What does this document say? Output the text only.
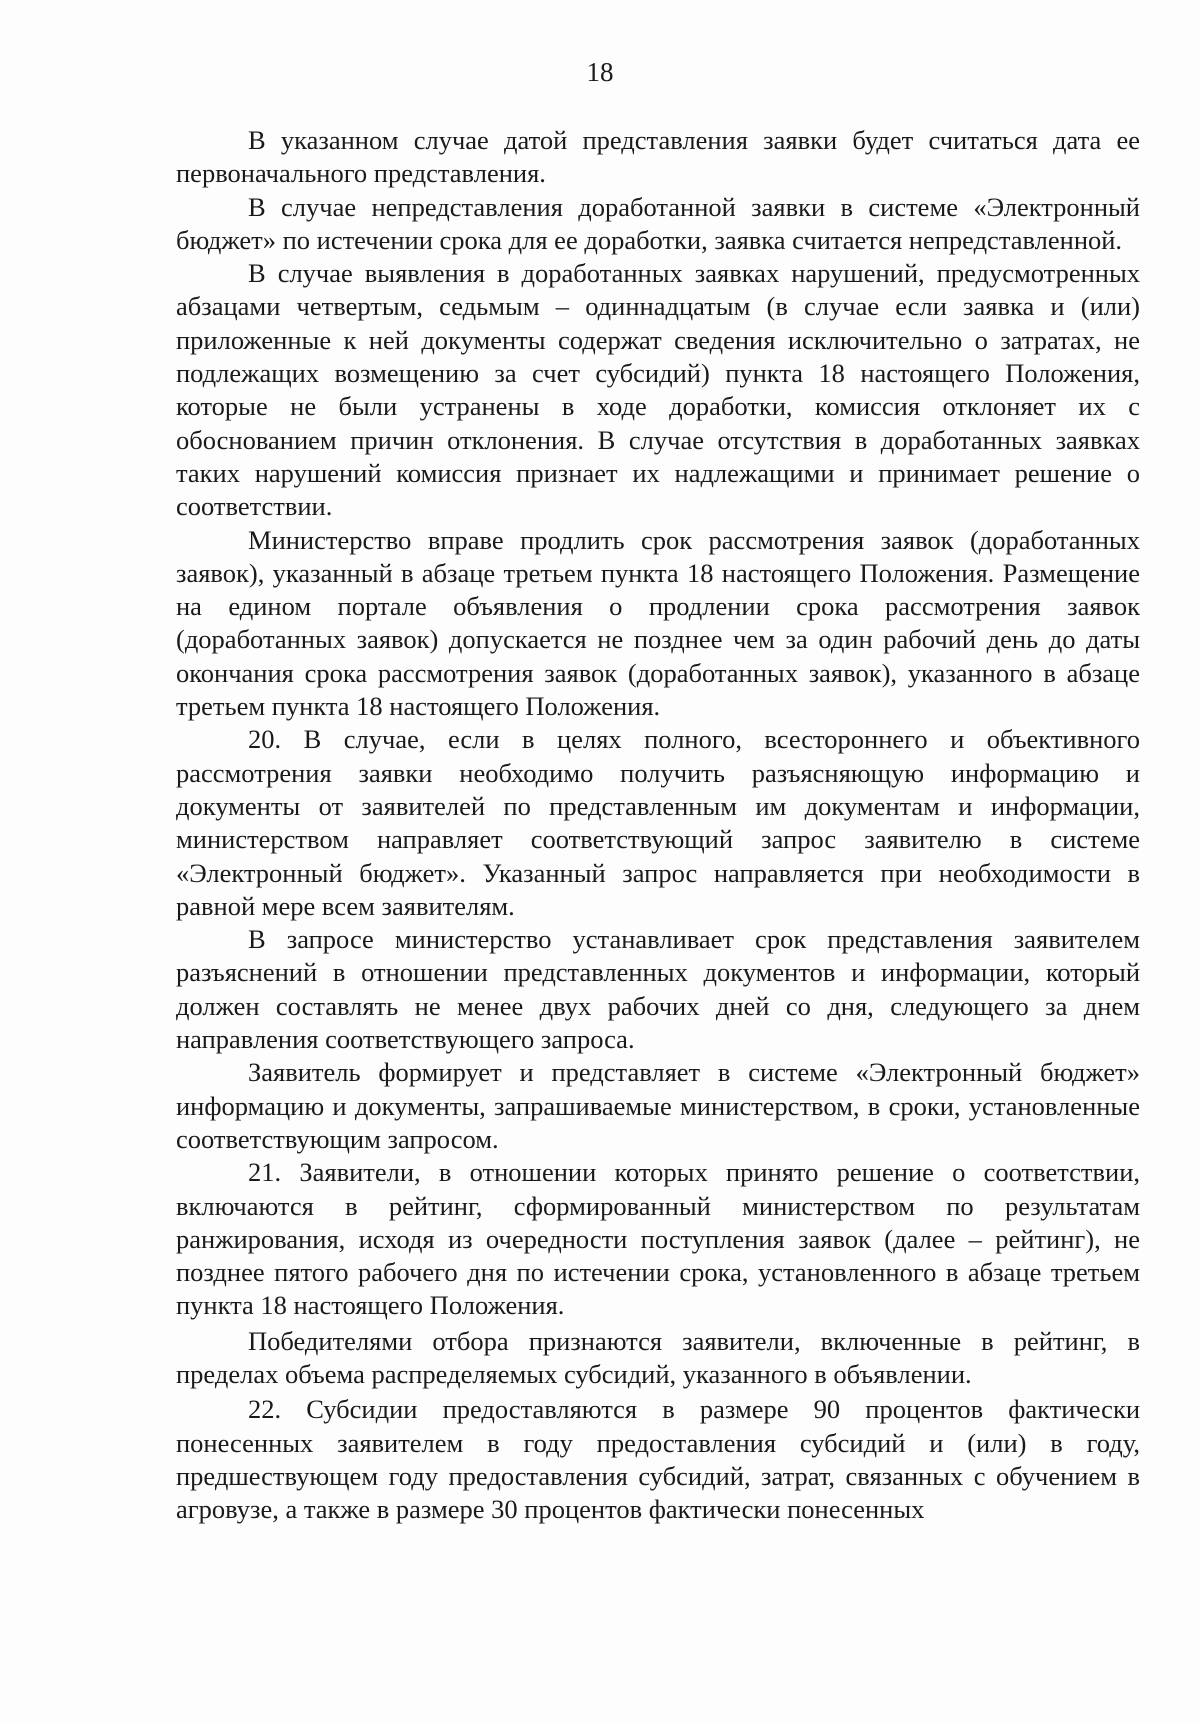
18

В указанном случае датой представления заявки будет считаться дата ее первоначального представления.

В случае непредставления доработанной заявки в системе «Электронный бюджет» по истечении срока для ее доработки, заявка считается непредставленной.

В случае выявления в доработанных заявках нарушений, предусмотренных абзацами четвертым, седьмым – одиннадцатым (в случае если заявка и (или) приложенные к ней документы содержат сведения исключительно о затратах, не подлежащих возмещению за счет субсидий) пункта 18 настоящего Положения, которые не были устранены в ходе доработки, комиссия отклоняет их с обоснованием причин отклонения. В случае отсутствия в доработанных заявках таких нарушений комиссия признает их надлежащими и принимает решение о соответствии.

Министерство вправе продлить срок рассмотрения заявок (доработанных заявок), указанный в абзаце третьем пункта 18 настоящего Положения. Размещение на едином портале объявления о продлении срока рассмотрения заявок (доработанных заявок) допускается не позднее чем за один рабочий день до даты окончания срока рассмотрения заявок (доработанных заявок), указанного в абзаце третьем пункта 18 настоящего Положения.

20. В случае, если в целях полного, всестороннего и объективного рассмотрения заявки необходимо получить разъясняющую информацию и документы от заявителей по представленным им документам и информации, министерством направляет соответствующий запрос заявителю в системе «Электронный бюджет». Указанный запрос направляется при необходимости в равной мере всем заявителям.

В запросе министерство устанавливает срок представления заявителем разъяснений в отношении представленных документов и информации, который должен составлять не менее двух рабочих дней со дня, следующего за днем направления соответствующего запроса.

Заявитель формирует и представляет в системе «Электронный бюджет» информацию и документы, запрашиваемые министерством, в сроки, установленные соответствующим запросом.

21. Заявители, в отношении которых принято решение о соответствии, включаются в рейтинг, сформированный министерством по результатам ранжирования, исходя из очередности поступления заявок (далее – рейтинг), не позднее пятого рабочего дня по истечении срока, установленного в абзаце третьем пункта 18 настоящего Положения.

Победителями отбора признаются заявители, включенные в рейтинг, в пределах объема распределяемых субсидий, указанного в объявлении.

22. Субсидии предоставляются в размере 90 процентов фактически понесенных заявителем в году предоставления субсидий и (или) в году, предшествующем году предоставления субсидий, затрат, связанных с обучением в агровузе, а также в размере 30 процентов фактически понесенных
